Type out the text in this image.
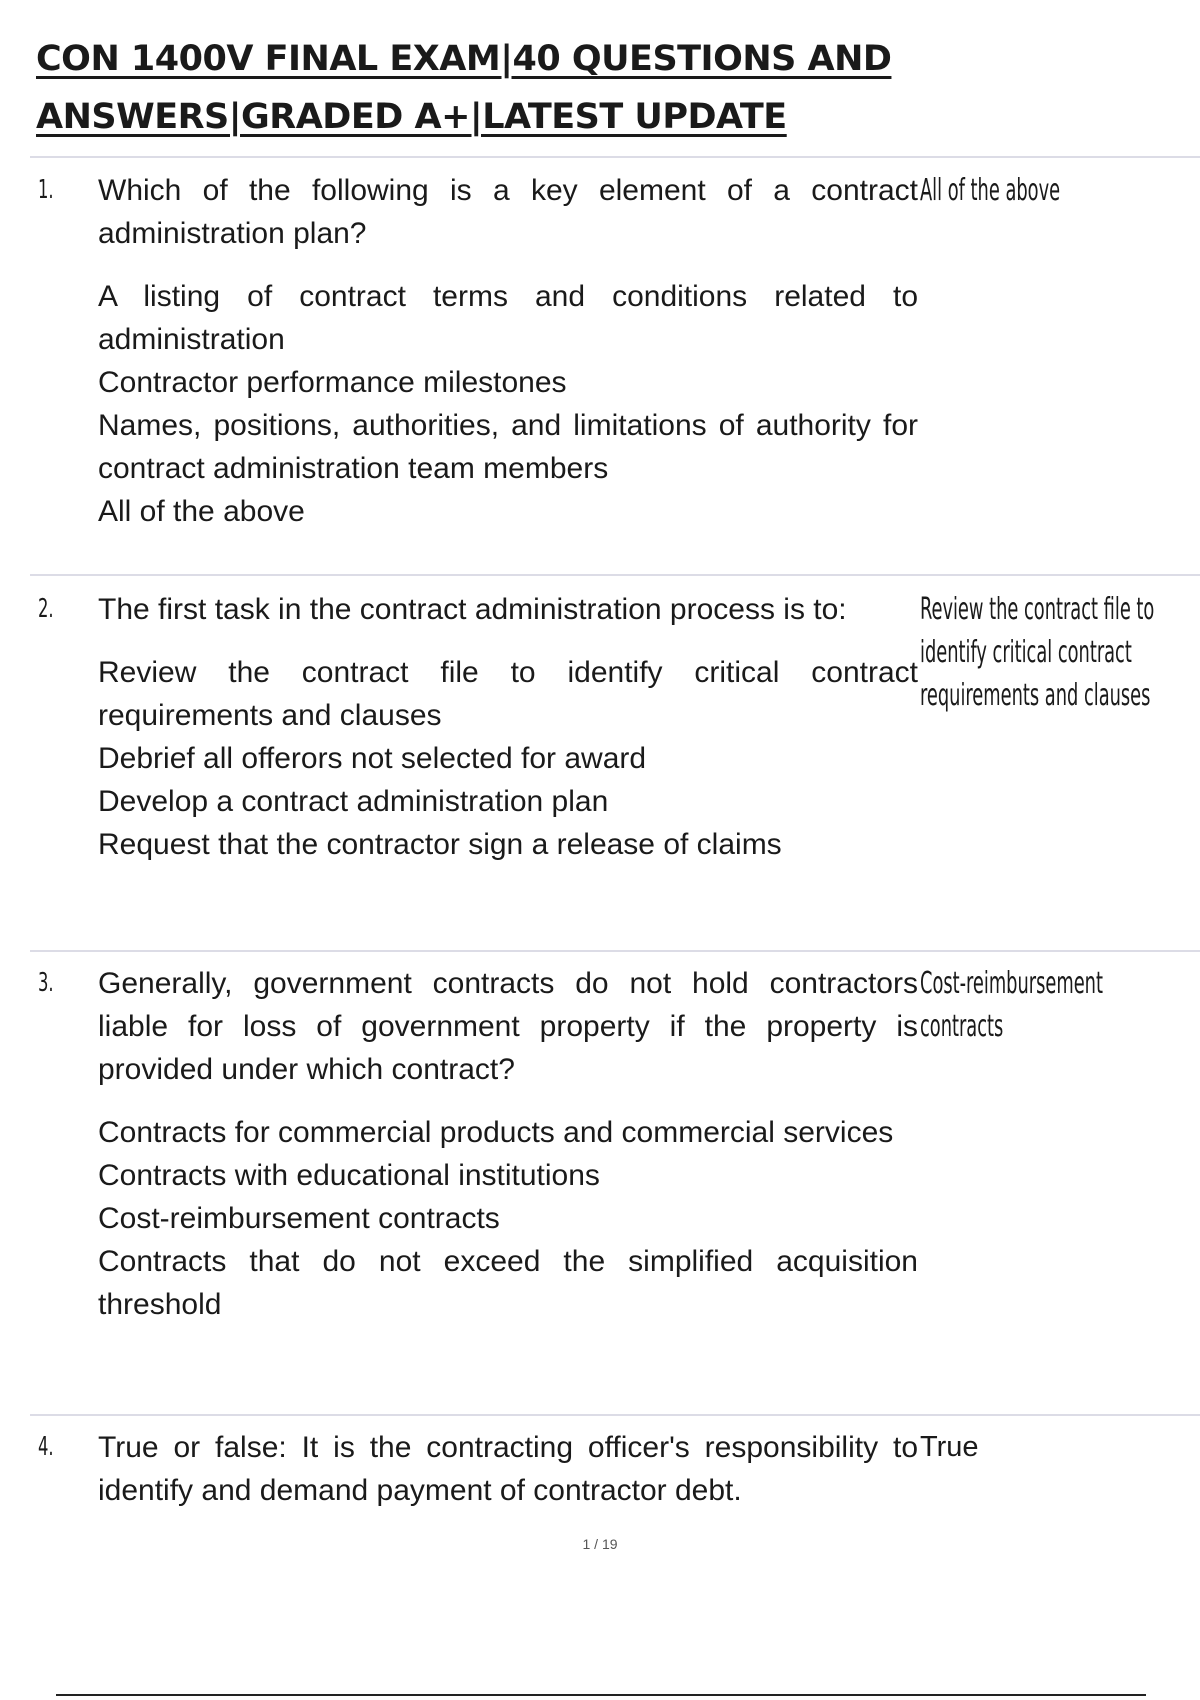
CON 1400V FINAL EXAM|40 QUESTIONS AND ANSWERS|GRADED A+|LATEST UPDATE
1. Which of the following is a key element of a contract administration plan?

A listing of contract terms and conditions related to administration

Contractor performance milestones

Names, positions, authorities, and limitations of authority for contract administration team members

All of the above

All of the above
2. The first task in the contract administration process is to:

Review the contract file to identify critical contract requirements and clauses

Debrief all offerors not selected for award

Develop a contract administration plan

Request that the contractor sign a release of claims

Review the contract file to identify critical contract requirements and clauses
3. Generally, government contracts do not hold contractors liable for loss of government property if the property is provided under which contract?

Contracts for commercial products and commercial services

Contracts with educational institutions

Cost-reimbursement contracts

Contracts that do not exceed the simplified acquisition threshold

Cost-reimbursement contracts
4. True or false: It is the contracting officer's responsibility to identify and demand payment of contractor debt.

True
1 / 19
